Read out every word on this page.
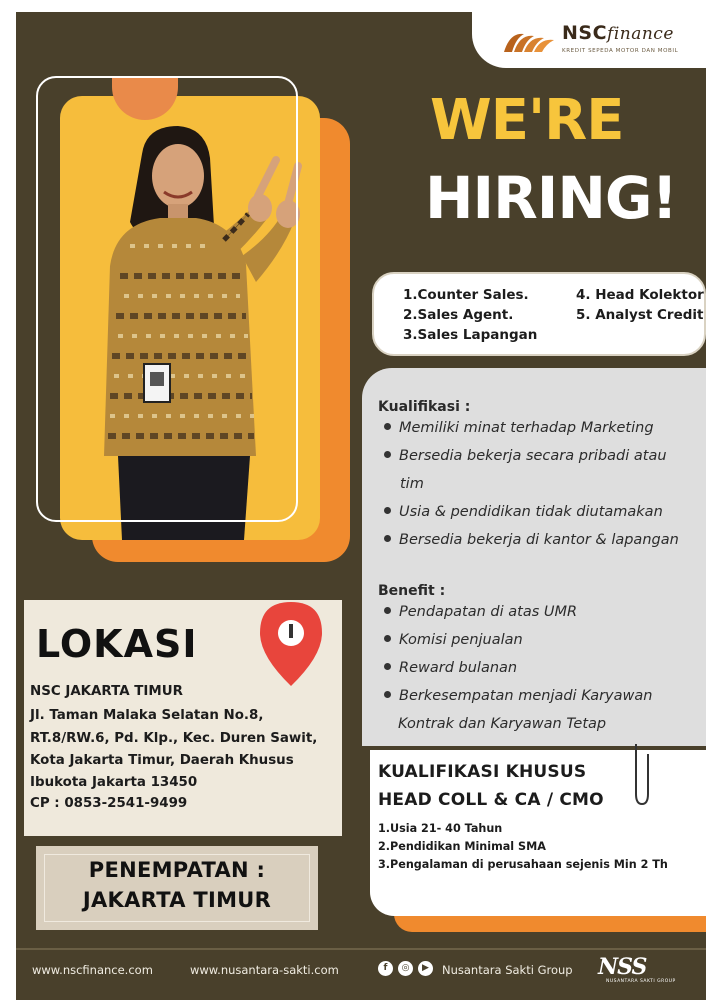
NSCfinance
KREDIT SEPEDA MOTOR DAN MOBIL
WE'RE
HIRING!
1.Counter Sales.
2.Sales Agent.
3.Sales Lapangan
4. Head Kolektor
5. Analyst Credit
Kualifikasi :
Memiliki minat terhadap Marketing
Bersedia bekerja secara pribadi atau
tim
Usia & pendidikan tidak diutamakan
Bersedia bekerja di kantor & lapangan
Benefit :
Pendapatan di atas UMR
Komisi penjualan
Reward bulanan
Berkesempatan menjadi Karyawan
Kontrak dan Karyawan Tetap
KUALIFIKASI KHUSUS
HEAD COLL & CA / CMO
1.Usia 21- 40 Tahun
2.Pendidikan Minimal SMA
3.Pengalaman di perusahaan sejenis Min 2 Th
LOKASI
NSC JAKARTA TIMUR
Jl. Taman Malaka Selatan No.8,
RT.8/RW.6, Pd. Klp., Kec. Duren Sawit,
Kota Jakarta Timur, Daerah Khusus
Ibukota Jakarta 13450
CP : 0853-2541-9499
PENEMPATAN :
JAKARTA TIMUR
www.nscfinance.com	www.nusantara-sakti.com	f	◎	▶	Nusantara Sakti Group NSS
NUSANTARA SAKTI GROUP
